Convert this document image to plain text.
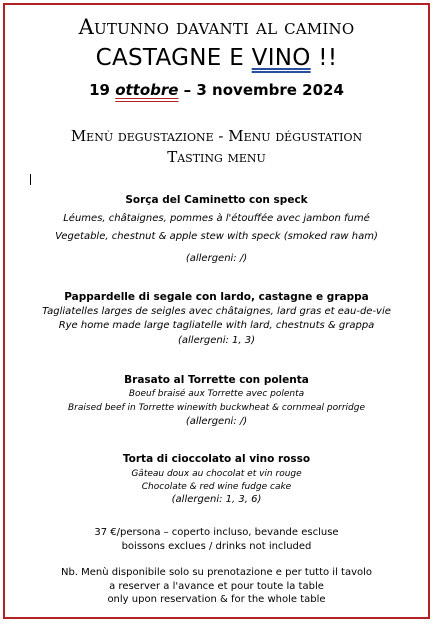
Autunno davanti al camino
CASTAGNE E VINO !!
19 ottobre – 3 novembre 2024
Menù degustazione - Menu dégustation
Tasting menu
Sorça del Caminetto con speck
Léumes, châtaignes, pommes à l'étouffée avec jambon fumé
Vegetable, chestnut & apple stew with speck (smoked raw ham)
(allergeni: /)
Pappardelle di segale con lardo, castagne e grappa
Tagliatelles larges de seigles avec châtaignes, lard gras et eau-de-vie
Rye home made large tagliatelle with lard, chestnuts & grappa
(allergeni: 1, 3)
Brasato al Torrette con polenta
Boeuf braisé aux Torrette avec polenta
Braised beef in Torrette winewith buckwheat & cornmeal porridge
(allergeni: /)
Torta di cioccolato al vino rosso
Gâteau doux au chocolat et vin rouge
Chocolate & red wine fudge cake
(allergeni: 1, 3, 6)
37 €/persona – coperto incluso, bevande escluse
boissons exclues / drinks not included
Nb. Menù disponibile solo su prenotazione e per tutto il tavolo
a reserver a l'avance et pour toute la table
only upon reservation & for the whole table
